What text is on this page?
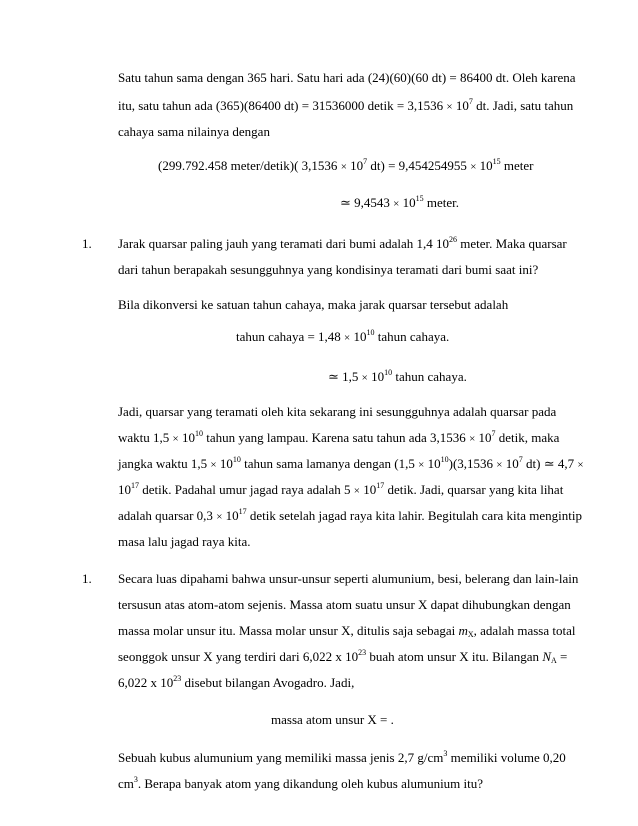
Satu tahun sama dengan 365 hari. Satu hari ada (24)(60)(60 dt) = 86400 dt. Oleh karena
itu, satu tahun ada (365)(86400 dt) = 31536000 detik = $3,1536 \times 10^7$ dt. Jadi, satu tahun
cahaya sama nilainya dengan
(299.792.458 meter/detik)( $3,1536 \times 10^7$ $dt) = 9,454254955 \times 10^{15}$ meter
≃ $9,4543 \times 10^{15}$ meter.
1. Jarak quarsar paling jauh yang teramati dari bumi adalah 1,4 $10^{26}$ meter. Maka quarsar
dari tahun berapakah sesungguhnya yang kondisinya teramati dari bumi saat ini?
Bila dikonversi ke satuan tahun cahaya, maka jarak quarsar tersebut adalah
tahun cahaya = $1,48 \times 10^{10}$ tahun cahaya.
≃ $1,5 \times 10^{10}$ tahun cahaya.
Jadi, quarsar yang teramati oleh kita sekarang ini sesungguhnya adalah quarsar pada
waktu $1,5 \times 10^{10}$ tahun yang lampau. Karena satu tahun ada $3,1536 \times 10^7$ detik, maka
jangka waktu $1,5 \times 10^{10}$ tahun sama lamanya dengan $(1,5 \times 10^{10})(3,1536 \times 10^7$ dt) ≃ 4,7 ×
$10^{17}$ detik. Padahal umur jagad raya adalah $5 \times 10^{17}$ detik. Jadi, quarsar yang kita lihat
adalah quarsar $0,3 \times 10^{17}$ detik setelah jagad raya kita lahir. Begitulah cara kita mengintip
masa lalu jagad raya kita.
1. Secara luas dipahami bahwa unsur-unsur seperti alumunium, besi, belerang dan lain-lain
tersusun atas atom-atom sejenis. Massa atom suatu unsur X dapat dihubungkan dengan
massa molar unsur itu. Massa molar unsur X, ditulis saja sebagai $m_X$, adalah massa total
seonggok unsur X yang terdiri dari 6,022 x $10^{23}$ buah atom unsur X itu. Bilangan $N_A$ =
6,022 x $10^{23}$ disebut bilangan Avogadro. Jadi,
massa atom unsur X = .
Sebuah kubus alumunium yang memiliki massa jenis 2,7 $g/cm^3$ memiliki volume 0,20
$cm^3$. Berapa banyak atom yang dikandung oleh kubus alumunium itu?
